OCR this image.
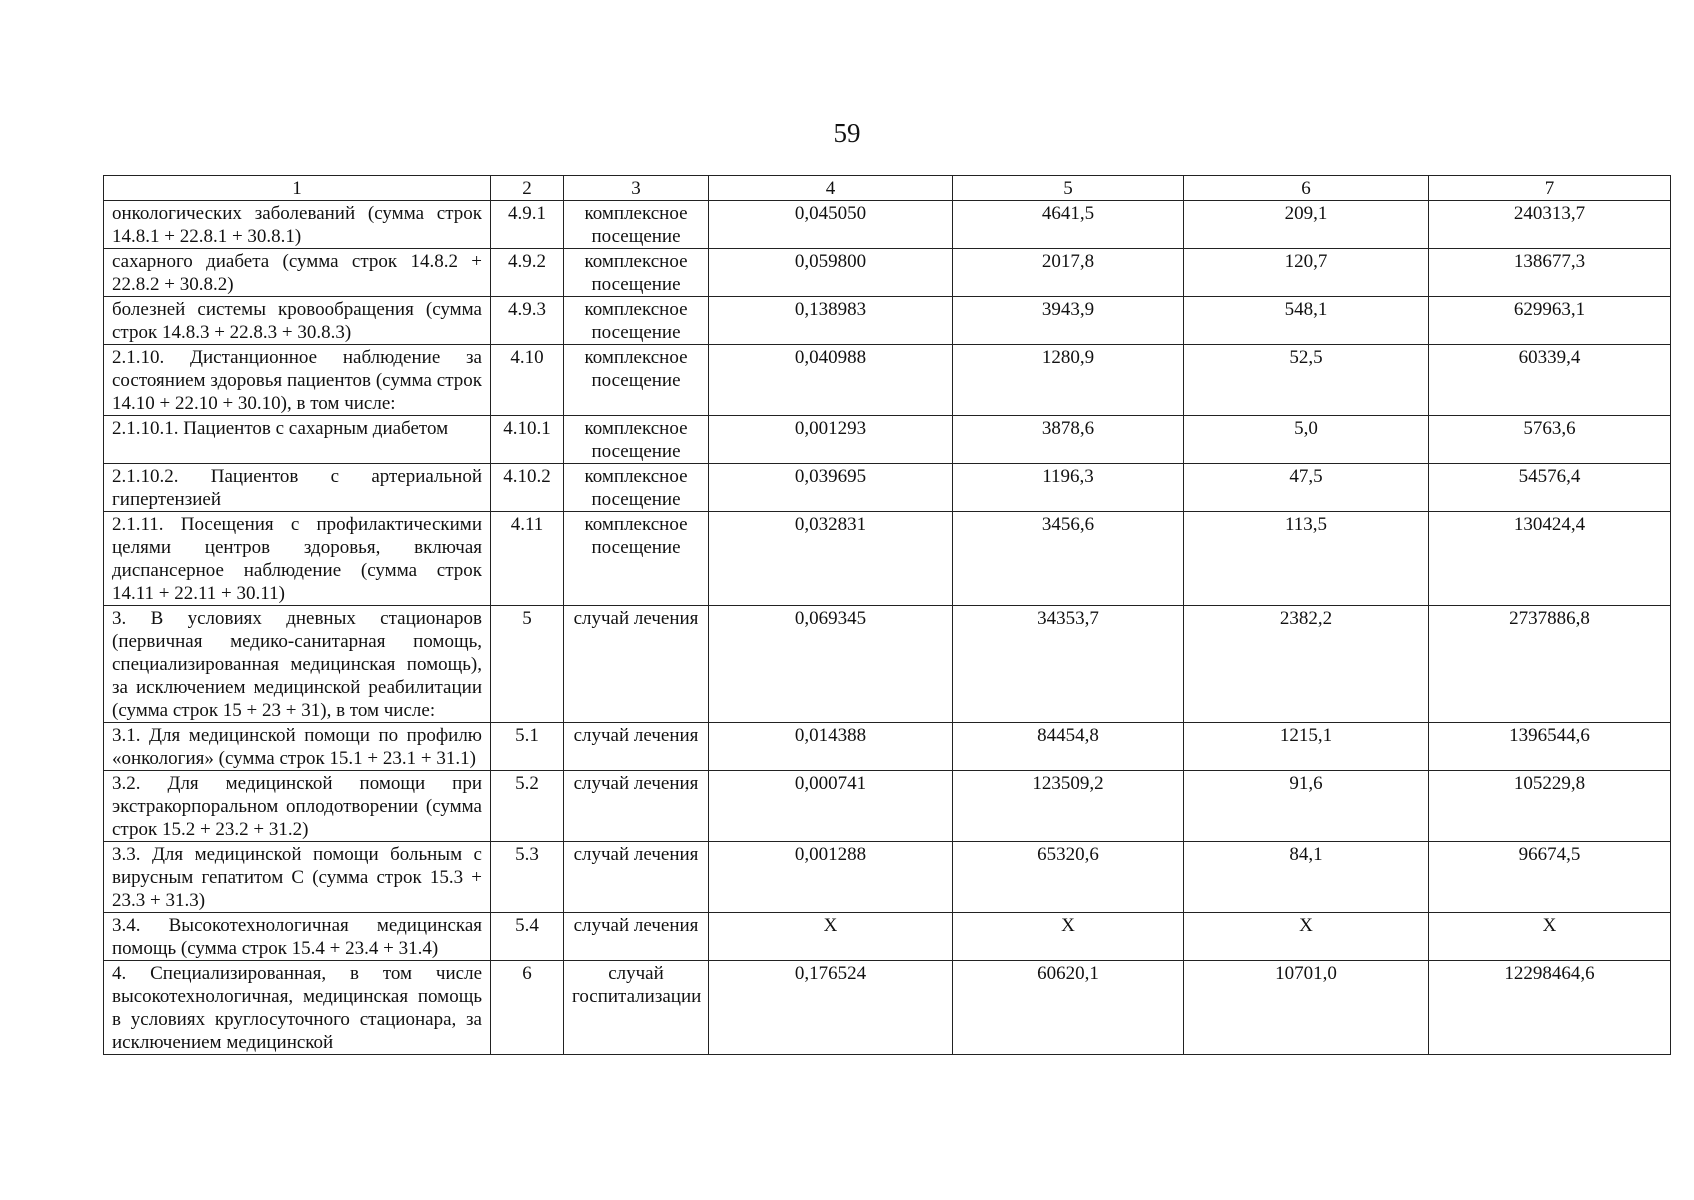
59
1	2	3	4	5	6	7
онкологических заболеваний (сумма строк 14.8.1 + 22.8.1 + 30.8.1)	4.9.1	комплексное посещение	0,045050	4641,5	209,1	240313,7
сахарного диабета (сумма строк 14.8.2 + 22.8.2 + 30.8.2)	4.9.2	комплексное посещение	0,059800	2017,8	120,7	138677,3
болезней системы кровообращения (сумма строк 14.8.3 + 22.8.3 + 30.8.3)	4.9.3	комплексное посещение	0,138983	3943,9	548,1	629963,1
2.1.10. Дистанционное наблюдение за состоянием здоровья пациентов (сумма строк 14.10 + 22.10 + 30.10), в том числе:	4.10	комплексное посещение	0,040988	1280,9	52,5	60339,4
2.1.10.1. Пациентов с сахарным диабетом	4.10.1	комплексное посещение	0,001293	3878,6	5,0	5763,6
2.1.10.2. Пациентов с артериальной гипертензией	4.10.2	комплексное посещение	0,039695	1196,3	47,5	54576,4
2.1.11. Посещения с профилактическими целями центров здоровья, включая диспансерное наблюдение (сумма строк 14.11 + 22.11 + 30.11)	4.11	комплексное посещение	0,032831	3456,6	113,5	130424,4
3. В условиях дневных стационаров (первичная медико-санитарная помощь, специализированная медицинская помощь), за исключением медицинской реабилитации (сумма строк 15 + 23 + 31), в том числе:	5	случай лечения	0,069345	34353,7	2382,2	2737886,8
3.1. Для медицинской помощи по профилю «онкология» (сумма строк 15.1 + 23.1 + 31.1)	5.1	случай лечения	0,014388	84454,8	1215,1	1396544,6
3.2. Для медицинской помощи при экстракорпоральном оплодотворении (сумма строк 15.2 + 23.2 + 31.2)	5.2	случай лечения	0,000741	123509,2	91,6	105229,8
3.3. Для медицинской помощи больным с вирусным гепатитом С (сумма строк 15.3 + 23.3 + 31.3)	5.3	случай лечения	0,001288	65320,6	84,1	96674,5
3.4. Высокотехнологичная медицинская помощь (сумма строк 15.4 + 23.4 + 31.4)	5.4	случай лечения	X	X	X	X
4. Специализированная, в том числе высокотехнологичная, медицинская помощь в условиях круглосуточного стационара, за исключением медицинской	6	случай госпитализации	0,176524	60620,1	10701,0	12298464,6
